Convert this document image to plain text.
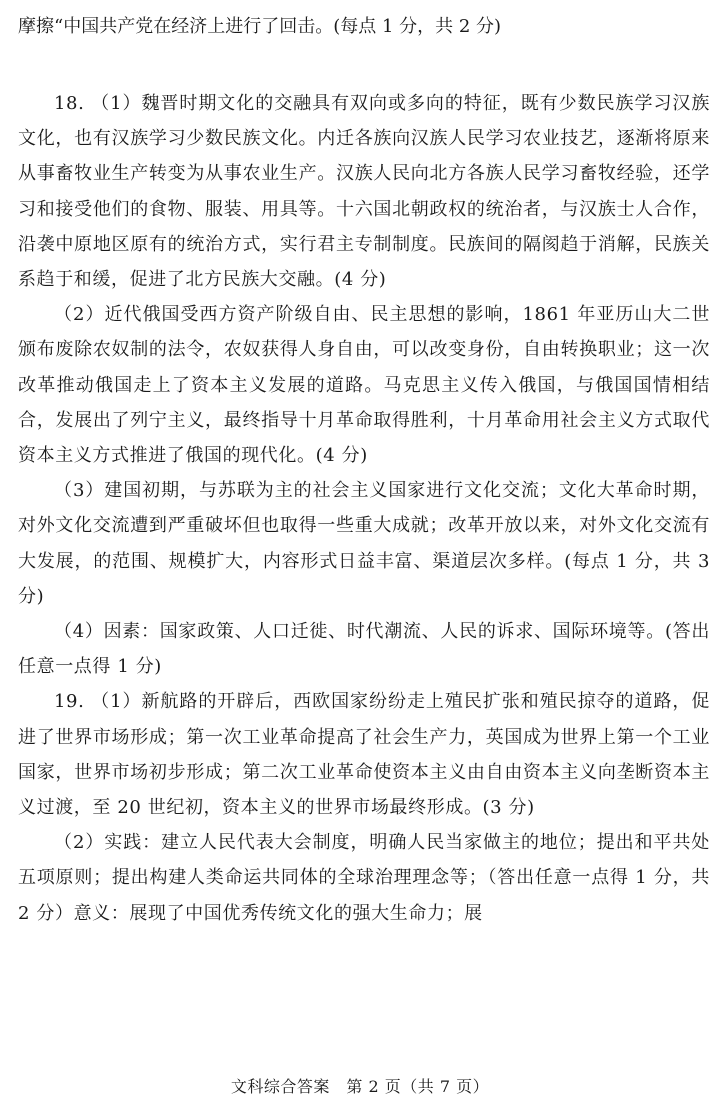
摩擦“中国共产党在经济上进行了回击。(每点 1 分，共 2 分)

18. （1）魏晋时期文化的交融具有双向或多向的特征，既有少数民族学习汉族文化，也有汉族学习少数民族文化。内迁各族向汉族人民学习农业技艺，逐渐将原来从事畜牧业生产转变为从事农业生产。汉族人民向北方各族人民学习畜牧经验，还学习和接受他们的食物、服装、用具等。十六国北朝政权的统治者，与汉族士人合作，沿袭中原地区原有的统治方式，实行君主专制制度。民族间的隔阂趋于消解，民族关系趋于和缓，促进了北方民族大交融。(4 分)

（2）近代俄国受西方资产阶级自由、民主思想的影响，1861 年亚历山大二世颁布废除农奴制的法令，农奴获得人身自由，可以改变身份，自由转换职业；这一次改革推动俄国走上了资本主义发展的道路。马克思主义传入俄国，与俄国国情相结合，发展出了列宁主义，最终指导十月革命取得胜利，十月革命用社会主义方式取代资本主义方式推进了俄国的现代化。(4 分)

（3）建国初期，与苏联为主的社会主义国家进行文化交流；文化大革命时期，对外文化交流遭到严重破坏但也取得一些重大成就；改革开放以来，对外文化交流有大发展，的范围、规模扩大，内容形式日益丰富、渠道层次多样。(每点 1 分，共 3 分)

（4）因素：国家政策、人口迁徙、时代潮流、人民的诉求、国际环境等。(答出任意一点得 1 分)

19. （1）新航路的开辟后，西欧国家纷纷走上殖民扩张和殖民掠夺的道路，促进了世界市场形成；第一次工业革命提高了社会生产力，英国成为世界上第一个工业国家，世界市场初步形成；第二次工业革命使资本主义由自由资本主义向垄断资本主义过渡，至 20 世纪初，资本主义的世界市场最终形成。(3 分)

（2）实践：建立人民代表大会制度，明确人民当家做主的地位；提出和平共处五项原则；提出构建人类命运共同体的全球治理理念等；（答出任意一点得 1 分，共 2 分）意义：展现了中国优秀传统文化的强大生命力；展

文科综合答案　第 2 页（共 7 页）
